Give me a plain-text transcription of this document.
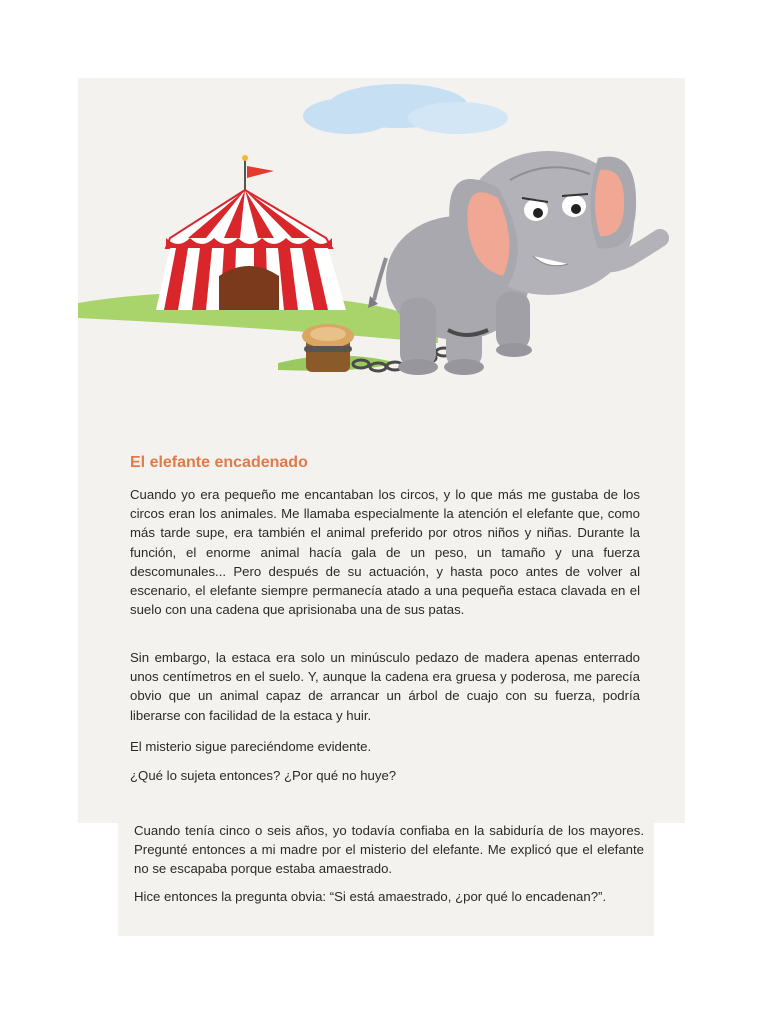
El elefante encadenado

Cuando yo era pequeño me encantaban los circos, y lo que más me gustaba de los circos eran los animales. Me llamaba especialmente la atención el elefante que, como más tarde supe, era también el animal preferido por otros niños y niñas. Durante la función, el enorme animal hacía gala de un peso, un tamaño y una fuerza descomunales... Pero después de su actuación, y hasta poco antes de volver al escenario, el elefante siempre permanecía atado a una pequeña estaca clavada en el suelo con una cadena que aprisionaba una de sus patas.

Sin embargo, la estaca era solo un minúsculo pedazo de madera apenas enterrado unos centímetros en el suelo. Y, aunque la cadena era gruesa y poderosa, me parecía obvio que un animal capaz de arrancar un árbol de cuajo con su fuerza, podría liberarse con facilidad de la estaca y huir.

El misterio sigue pareciéndome evidente.

¿Qué lo sujeta entonces? ¿Por qué no huye?

Cuando tenía cinco o seis años, yo todavía confiaba en la sabiduría de los mayores. Pregunté entonces a mi madre por el misterio del elefante. Me explicó que el elefante no se escapaba porque estaba amaestrado.

Hice entonces la pregunta obvia: “Si está amaestrado, ¿por qué lo encadenan?”.
